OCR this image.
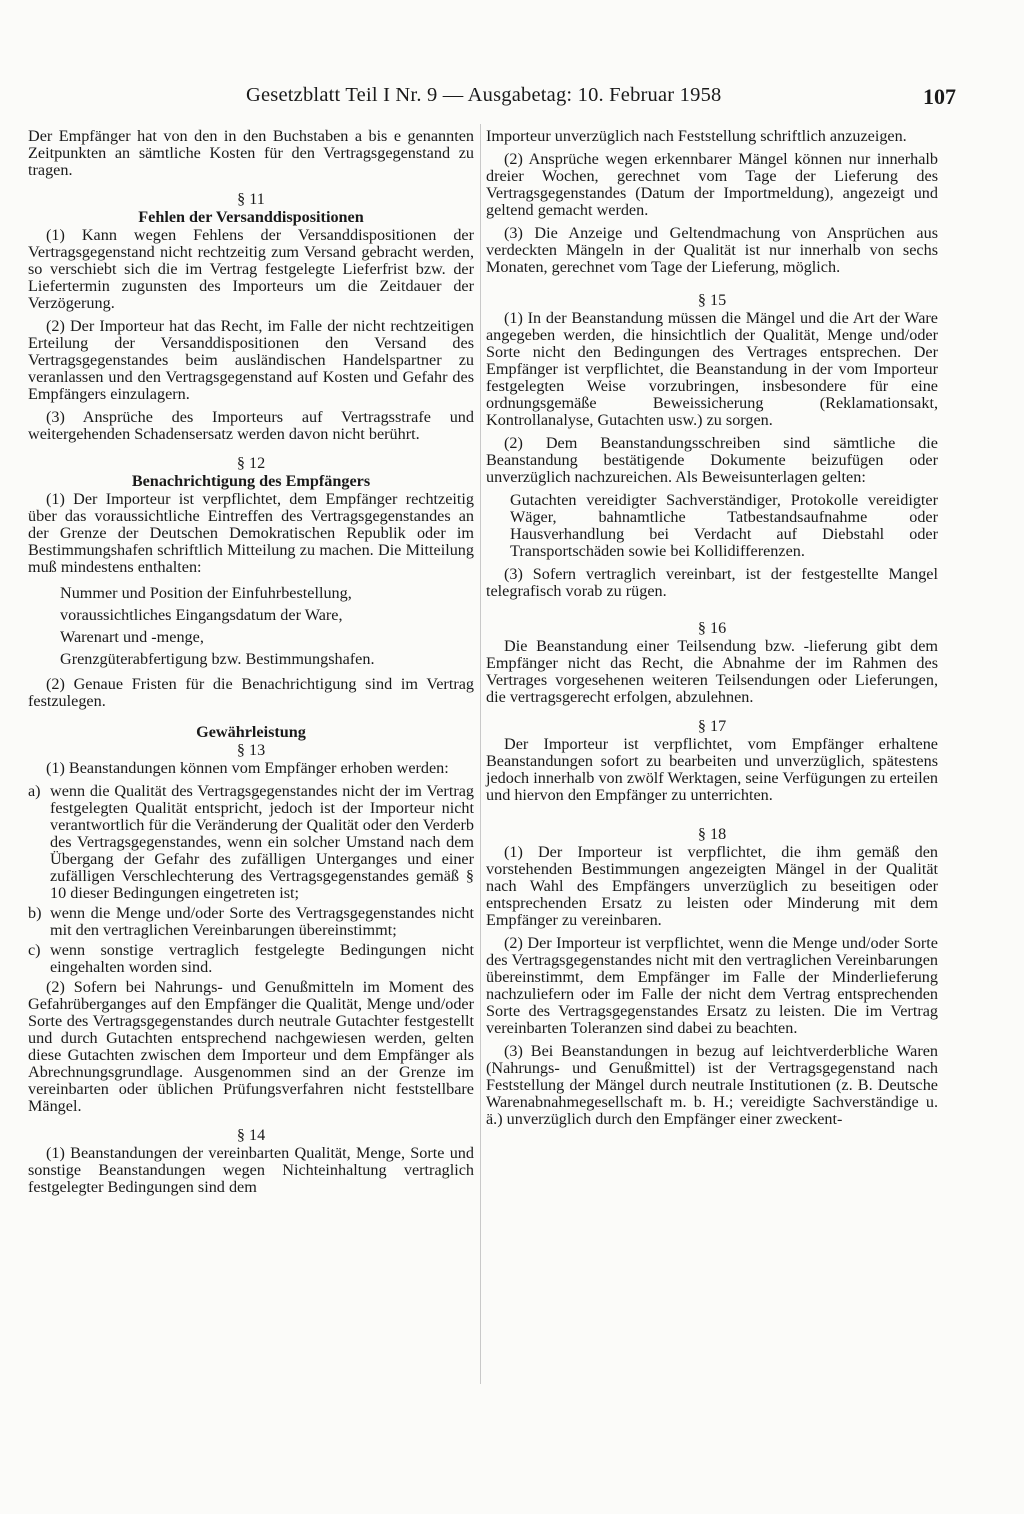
Gesetzblatt Teil I Nr. 9 — Ausgabetag: 10. Februar 1958	107

Der Empfänger hat von den in den Buchstaben a bis e genannten Zeitpunkten an sämtliche Kosten für den Vertragsgegenstand zu tragen.

§ 11
Fehlen der Versanddispositionen

(1) Kann wegen Fehlens der Versanddispositionen der Vertragsgegenstand nicht rechtzeitig zum Versand gebracht werden, so verschiebt sich die im Vertrag festgelegte Lieferfrist bzw. der Liefertermin zugunsten des Importeurs um die Zeitdauer der Verzögerung.

(2) Der Importeur hat das Recht, im Falle der nicht rechtzeitigen Erteilung der Versanddispositionen den Versand des Vertragsgegenstandes beim ausländischen Handelspartner zu veranlassen und den Vertragsgegenstand auf Kosten und Gefahr des Empfängers einzulagern.

(3) Ansprüche des Importeurs auf Vertragsstrafe und weitergehenden Schadensersatz werden davon nicht berührt.

§ 12
Benachrichtigung des Empfängers

(1) Der Importeur ist verpflichtet, dem Empfänger rechtzeitig über das voraussichtliche Eintreffen des Vertragsgegenstandes an der Grenze der Deutschen Demokratischen Republik oder im Bestimmungshafen schriftlich Mitteilung zu machen. Die Mitteilung muß mindestens enthalten:

Nummer und Position der Einfuhrbestellung,
voraussichtliches Eingangsdatum der Ware,
Warenart und -menge,
Grenzgüterabfertigung bzw. Bestimmungshafen.

(2) Genaue Fristen für die Benachrichtigung sind im Vertrag festzulegen.

Gewährleistung
§ 13

(1) Beanstandungen können vom Empfänger erhoben werden:

a) wenn die Qualität des Vertragsgegenstandes nicht der im Vertrag festgelegten Qualität entspricht, jedoch ist der Importeur nicht verantwortlich für die Veränderung der Qualität oder den Verderb des Vertragsgegenstandes, wenn ein solcher Umstand nach dem Übergang der Gefahr des zufälligen Unterganges und einer zufälligen Verschlechterung des Vertragsgegenstandes gemäß § 10 dieser Bedingungen eingetreten ist;
b) wenn die Menge und/oder Sorte des Vertragsgegenstandes nicht mit den vertraglichen Vereinbarungen übereinstimmt;
c) wenn sonstige vertraglich festgelegte Bedingungen nicht eingehalten worden sind.

(2) Sofern bei Nahrungs- und Genußmitteln im Moment des Gefahrüberganges auf den Empfänger die Qualität, Menge und/oder Sorte des Vertragsgegenstandes durch neutrale Gutachter festgestellt und durch Gutachten entsprechend nachgewiesen werden, gelten diese Gutachten zwischen dem Importeur und dem Empfänger als Abrechnungsgrundlage. Ausgenommen sind an der Grenze im vereinbarten oder üblichen Prüfungsverfahren nicht feststellbare Mängel.

§ 14

(1) Beanstandungen der vereinbarten Qualität, Menge, Sorte und sonstige Beanstandungen wegen Nichteinhaltung vertraglich festgelegter Bedingungen sind dem

Importeur unverzüglich nach Feststellung schriftlich anzuzeigen.

(2) Ansprüche wegen erkennbarer Mängel können nur innerhalb dreier Wochen, gerechnet vom Tage der Lieferung des Vertragsgegenstandes (Datum der Importmeldung), angezeigt und geltend gemacht werden.

(3) Die Anzeige und Geltendmachung von Ansprüchen aus verdeckten Mängeln in der Qualität ist nur innerhalb von sechs Monaten, gerechnet vom Tage der Lieferung, möglich.

§ 15

(1) In der Beanstandung müssen die Mängel und die Art der Ware angegeben werden, die hinsichtlich der Qualität, Menge und/oder Sorte nicht den Bedingungen des Vertrages entsprechen. Der Empfänger ist verpflichtet, die Beanstandung in der vom Importeur festgelegten Weise vorzubringen, insbesondere für eine ordnungsgemäße Beweissicherung (Reklamationsakt, Kontrollanalyse, Gutachten usw.) zu sorgen.

(2) Dem Beanstandungsschreiben sind sämtliche die Beanstandung bestätigende Dokumente beizufügen oder unverzüglich nachzureichen. Als Beweisunterlagen gelten:

Gutachten vereidigter Sachverständiger, Protokolle vereidigter Wäger, bahnamtliche Tatbestandsaufnahme oder Hausverhandlung bei Verdacht auf Diebstahl oder Transportschäden sowie bei Kollidifferenzen.

(3) Sofern vertraglich vereinbart, ist der festgestellte Mangel telegrafisch vorab zu rügen.

§ 16

Die Beanstandung einer Teilsendung bzw. -lieferung gibt dem Empfänger nicht das Recht, die Abnahme der im Rahmen des Vertrages vorgesehenen weiteren Teilsendungen oder Lieferungen, die vertragsgerecht erfolgen, abzulehnen.

§ 17

Der Importeur ist verpflichtet, vom Empfänger erhaltene Beanstandungen sofort zu bearbeiten und unverzüglich, spätestens jedoch innerhalb von zwölf Werktagen, seine Verfügungen zu erteilen und hiervon den Empfänger zu unterrichten.

§ 18

(1) Der Importeur ist verpflichtet, die ihm gemäß den vorstehenden Bestimmungen angezeigten Mängel in der Qualität nach Wahl des Empfängers unverzüglich zu beseitigen oder entsprechenden Ersatz zu leisten oder Minderung mit dem Empfänger zu vereinbaren.

(2) Der Importeur ist verpflichtet, wenn die Menge und/oder Sorte des Vertragsgegenstandes nicht mit den vertraglichen Vereinbarungen übereinstimmt, dem Empfänger im Falle der Minderlieferung nachzuliefern oder im Falle der nicht dem Vertrag entsprechenden Sorte des Vertragsgegenstandes Ersatz zu leisten. Die im Vertrag vereinbarten Toleranzen sind dabei zu beachten.

(3) Bei Beanstandungen in bezug auf leichtverderbliche Waren (Nahrungs- und Genußmittel) ist der Vertragsgegenstand nach Feststellung der Mängel durch neutrale Institutionen (z. B. Deutsche Warenabnahmegesellschaft m. b. H.; vereidigte Sachverständige u. ä.) unverzüglich durch den Empfänger einer zweckent-
